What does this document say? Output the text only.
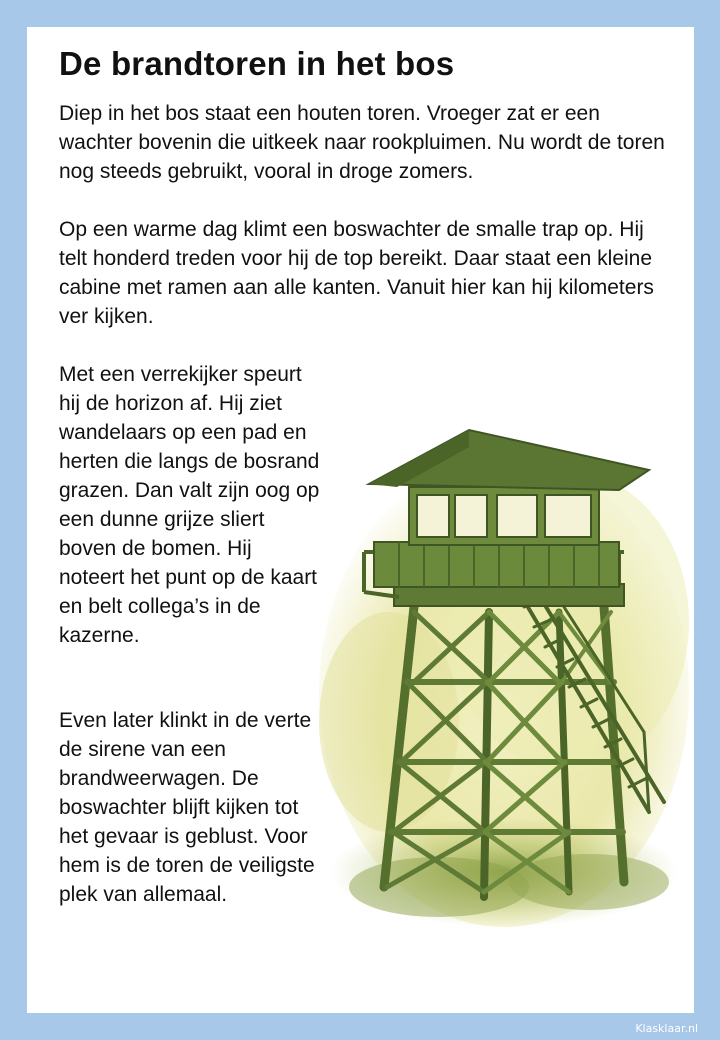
De brandtoren in het bos

Diep in het bos staat een houten toren. Vroeger zat er een wachter bovenin die uitkeek naar rookpluimen. Nu wordt de toren nog steeds gebruikt, vooral in droge zomers.

Op een warme dag klimt een boswachter de smalle trap op. Hij telt honderd treden voor hij de top bereikt. Daar staat een kleine cabine met ramen aan alle kanten. Vanuit hier kan hij kilometers ver kijken.

Met een verrekijker speurt hij de horizon af. Hij ziet wandelaars op een pad en herten die langs de bosrand grazen. Dan valt zijn oog op een dunne grijze sliert boven de bomen. Hij noteert het punt op de kaart en belt collega’s in de kazerne.

Even later klinkt in de verte de sirene van een brandweerwagen. De boswachter blijft kijken tot het gevaar is geblust. Voor hem is de toren de veiligste plek van allemaal.

Klasklaar.nl
